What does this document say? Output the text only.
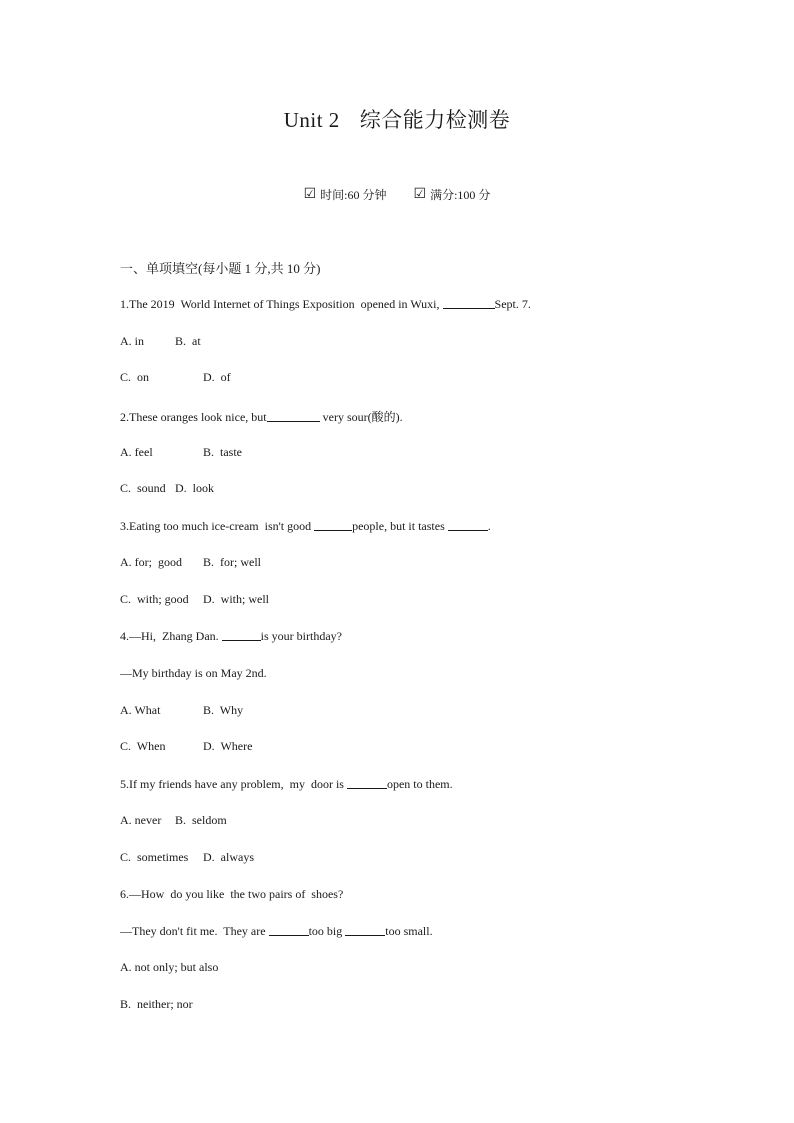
Unit 2 综合能力检测卷
☑ 时间:60 分钟 ☑ 满分:100 分
一、单项填空(每小题 1 分,共 10 分)
1.The 2019  World Internet of Things Exposition  opened in Wuxi,	Sept. 7.
A. in	B.  at
C.  on	D.  of
2.These oranges look nice, but	very sour(酸的).
A. feel	B.  taste
C.  sound D.  look
3.Eating too much ice-cream  isn't good	people, but it tastes	.
A. for;  good B.  for; well
C.  with; good D.  with; well
4.—Hi,  Zhang Dan.	is your birthday?
—My birthday is on May 2nd.
A. What	B.  Why
C.  When	D.  Where
5.If my friends have any problem,  my  door is	open to them.
A. never B.  seldom
C.  sometimes D.  always
6.—How  do you like  the two pairs of  shoes?
—They don't fit me.  They are	too big	too small.
A. not only; but also
B.  neither; nor
